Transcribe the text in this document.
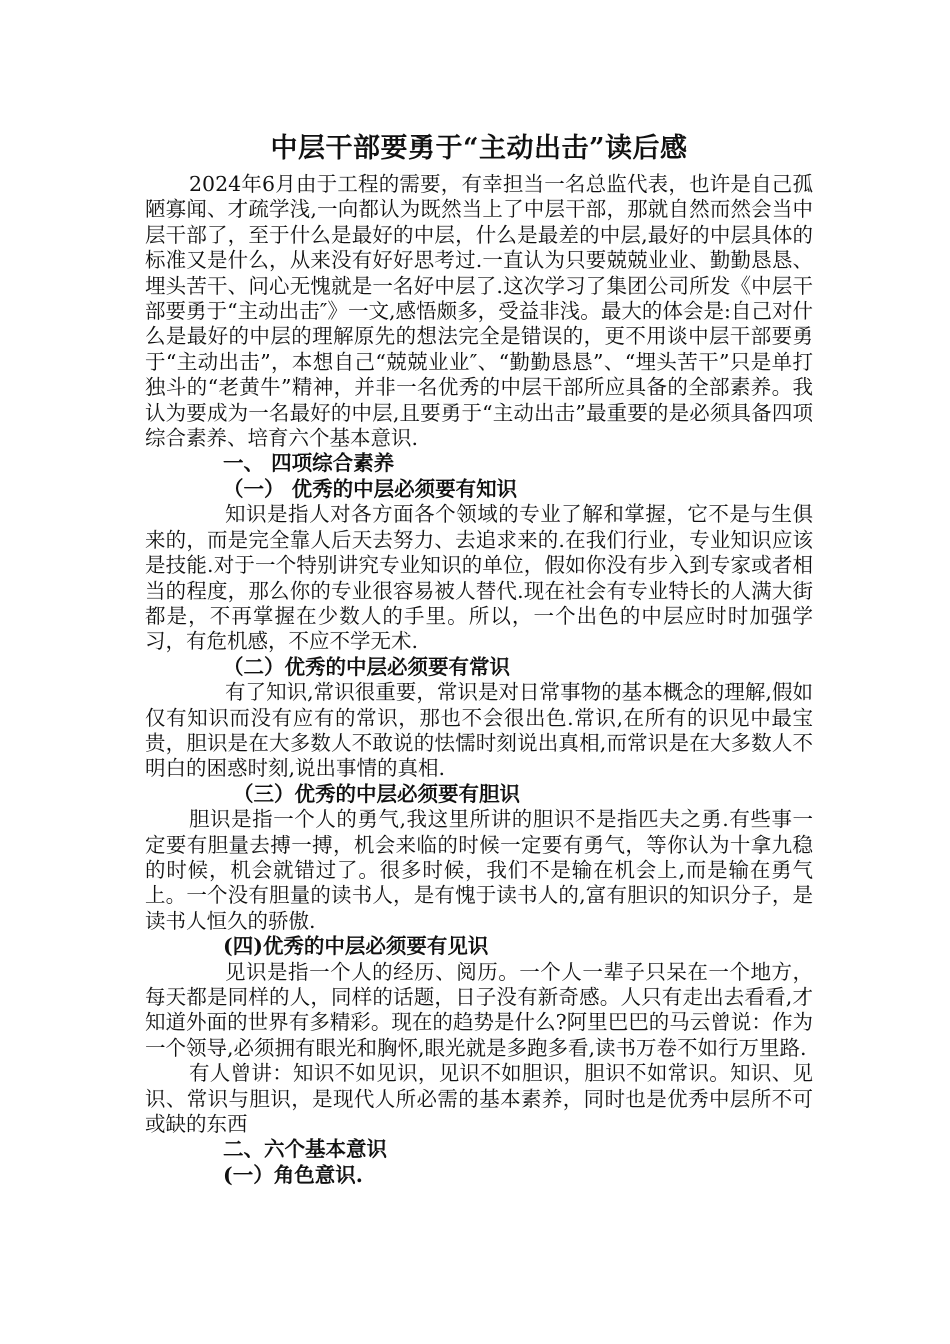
中层干部要勇于“主动出击”读后感

2024年6月由于工程的需要，有幸担当一名总监代表，也许是自己孤陋寡闻、才疏学浅,一向都认为既然当上了中层干部，那就自然而然会当中层干部了，至于什么是最好的中层，什么是最差的中层,最好的中层具体的标准又是什么，从来没有好好思考过.一直认为只要兢兢业业、勤勤恳恳、埋头苦干、问心无愧就是一名好中层了.这次学习了集团公司所发《中层干部要勇于“主动出击″》一文,感悟颇多，受益非浅。最大的体会是:自己对什么是最好的中层的理解原先的想法完全是错误的，更不用谈中层干部要勇于“主动出击”，本想自己“兢兢业业″、“勤勤恳恳”、“埋头苦干”只是单打独斗的“老黄牛”精神，并非一名优秀的中层干部所应具备的全部素养。我认为要成为一名最好的中层,且要勇于“主动出击”最重要的是必须具备四项综合素养、培育六个基本意识.

一、 四项综合素养

（一） 优秀的中层必须要有知识

知识是指人对各方面各个领域的专业了解和掌握，它不是与生俱来的，而是完全靠人后天去努力、去追求来的.在我们行业，专业知识应该是技能.对于一个特别讲究专业知识的单位，假如你没有步入到专家或者相当的程度，那么你的专业很容易被人替代.现在社会有专业特长的人满大街都是，不再掌握在少数人的手里。所以，一个出色的中层应时时加强学习，有危机感，不应不学无术.

（二）优秀的中层必须要有常识

有了知识,常识很重要，常识是对日常事物的基本概念的理解,假如仅有知识而没有应有的常识，那也不会很出色.常识,在所有的识见中最宝贵，胆识是在大多数人不敢说的怯懦时刻说出真相,而常识是在大多数人不明白的困惑时刻,说出事情的真相.

（三）优秀的中层必须要有胆识

胆识是指一个人的勇气,我这里所讲的胆识不是指匹夫之勇.有些事一定要有胆量去搏一搏，机会来临的时候一定要有勇气，等你认为十拿九稳的时候，机会就错过了。很多时候，我们不是输在机会上,而是输在勇气上。一个没有胆量的读书人，是有愧于读书人的,富有胆识的知识分子，是读书人恒久的骄傲.

(四)优秀的中层必须要有见识

见识是指一个人的经历、阅历。一个人一辈子只呆在一个地方，每天都是同样的人，同样的话题，日子没有新奇感。人只有走出去看看,才知道外面的世界有多精彩。现在的趋势是什么?阿里巴巴的马云曾说：作为一个领导,必须拥有眼光和胸怀,眼光就是多跑多看,读书万卷不如行万里路.

有人曾讲：知识不如见识，见识不如胆识，胆识不如常识。知识、见识、常识与胆识，是现代人所必需的基本素养，同时也是优秀中层所不可或缺的东西

二、六个基本意识

(一）角色意识.
